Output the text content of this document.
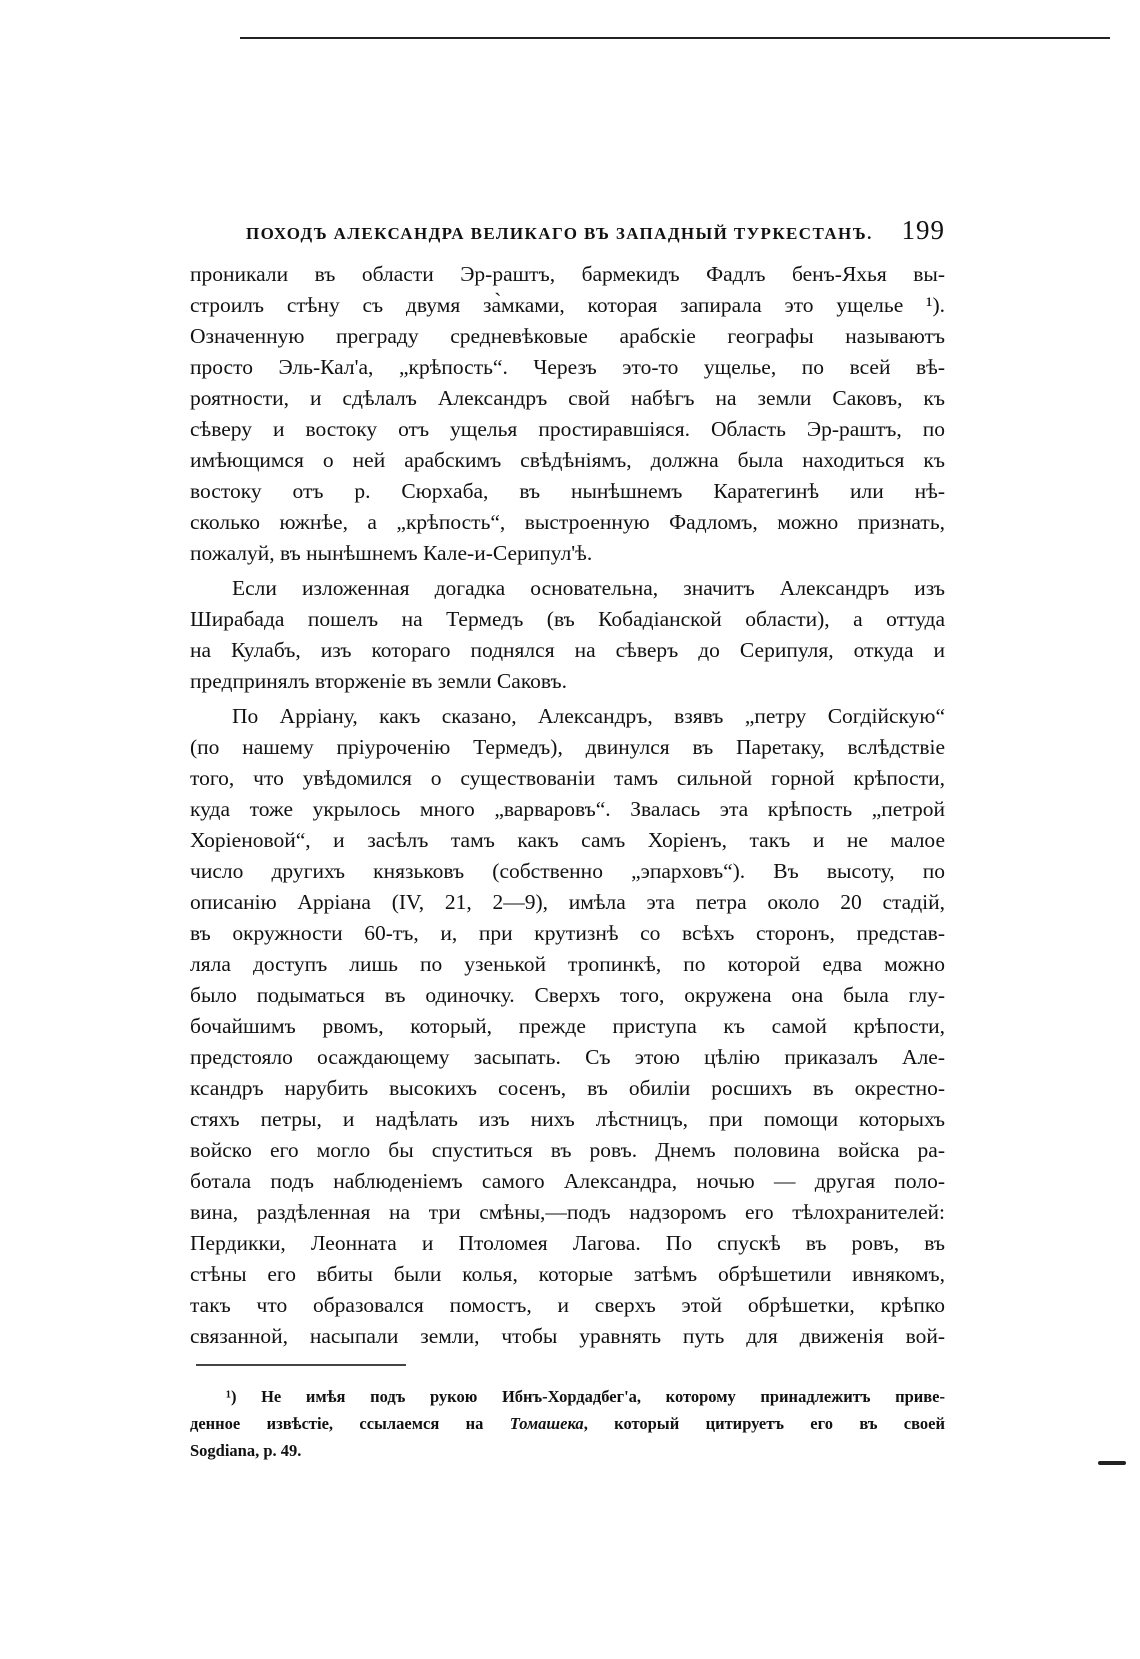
ПОХОДЪ АЛЕКСАНДРА ВЕЛИКАГО ВЪ ЗАПАДНЫЙ ТУРКЕСТАНЪ. 199
проникали въ области Эр-раштъ, бармекидъ Фадлъ бенъ-Яхья вы-
строилъ стѣну съ двумя за̀мками, которая запирала это ущелье ¹).
Означенную преграду средневѣковые арабскіе географы называютъ
просто Эль-Кал'а, „крѣпость“. Черезъ это-то ущелье, по всей вѣ-
роятности, и сдѣлалъ Александръ свой набѣгъ на земли Саковъ, къ
сѣверу и востоку отъ ущелья простиравшіяся. Область Эр-раштъ, по
имѣющимся о ней арабскимъ свѣдѣніямъ, должна была находиться къ
востоку отъ р. Сюрхаба, въ нынѣшнемъ Каратегинѣ или нѣ-
сколько южнѣе, а „крѣпость“, выстроенную Фадломъ, можно признать,
пожалуй, въ нынѣшнемъ Кале-и-Серипул'ѣ.
Если изложенная догадка основательна, значитъ Александръ изъ
Ширабада пошелъ на Термедъ (въ Кобадіанской области), а оттуда
на Кулабъ, изъ котораго поднялся на сѣверъ до Серипуля, откуда и
предпринялъ вторженіе въ земли Саковъ.
По Арріану, какъ сказано, Александръ, взявъ „петру Согдійскую“
(по нашему пріуроченію Термедъ), двинулся въ Паретаку, вслѣдствіе
того, что увѣдомился о существованіи тамъ сильной горной крѣпости,
куда тоже укрылось много „варваровъ“. Звалась эта крѣпость „петрой
Хоріеновой“, и засѣлъ тамъ какъ самъ Хоріенъ, такъ и не малое
число другихъ князьковъ (собственно „эпарховъ“). Въ высоту, по
описанію Арріана (IV, 21, 2—9), имѣла эта петра около 20 стадій,
въ окружности 60-тъ, и, при крутизнѣ со всѣхъ сторонъ, представ-
ляла доступъ лишь по узенькой тропинкѣ, по которой едва можно
было подыматься въ одиночку. Сверхъ того, окружена она была глу-
бочайшимъ рвомъ, который, прежде приступа къ самой крѣпости,
предстояло осаждающему засыпать. Съ этою цѣлію приказалъ Але-
ксандръ нарубить высокихъ сосенъ, въ обиліи росшихъ въ окрестно-
стяхъ петры, и надѣлать изъ нихъ лѣстницъ, при помощи которыхъ
войско его могло бы спуститься въ ровъ. Днемъ половина войска ра-
ботала подъ наблюденіемъ самого Александра, ночью — другая поло-
вина, раздѣленная на три смѣны,—подъ надзоромъ его тѣлохранителей:
Пердикки, Леонната и Птоломея Лагова. По спускѣ въ ровъ, въ
стѣны его вбиты были колья, которые затѣмъ обрѣшетили ивнякомъ,
такъ что образовался помостъ, и сверхъ этой обрѣшетки, крѣпко
связанной, насыпали земли, чтобы уравнять путь для движенія вой-
¹) Не имѣя подъ рукою Ибнъ-Хордадбег'а, которому принадлежитъ приве-
денное извѣстіе, ссылаемся на Томашека, который цитируетъ его въ своей
Sogdiana, p. 49.
